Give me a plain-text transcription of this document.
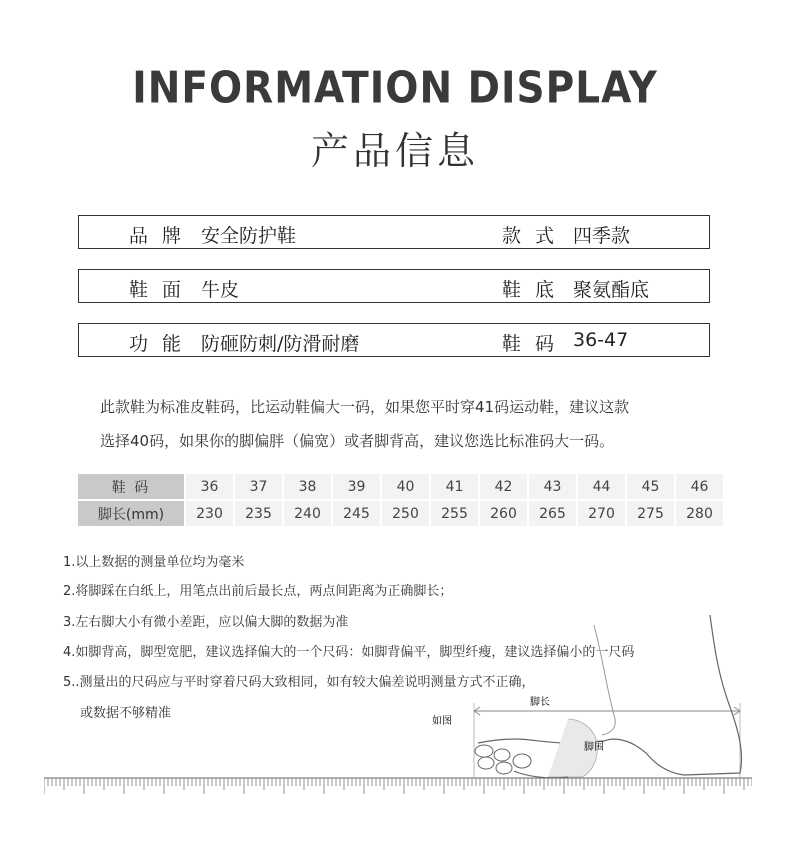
INFORMATION DISPLAY
产品信息
品牌 安全防护鞋	款式 四季款
鞋面 牛皮	鞋底 聚氨酯底
功能 防砸防刺/防滑耐磨	鞋码 36-47
此款鞋为标准皮鞋码，比运动鞋偏大一码，如果您平时穿41码运动鞋，建议这款
选择40码，如果你的脚偏胖（偏宽）或者脚背高，建议您选比标准码大一码。
鞋 码	36	37	38	39	40	41	42	43	44	45	46
脚长(mm)	230	235	240	245	250	255	260	265	270	275	280
1.以上数据的测量单位均为毫米
2.将脚踩在白纸上，用笔点出前后最长点，两点间距离为正确脚长；
3.左右脚大小有微小差距，应以偏大脚的数据为准
4.如脚背高，脚型宽肥，建议选择偏大的一个尺码：如脚背偏平，脚型纤瘦，建议选择偏小的一尺码
5..测量出的尺码应与平时穿着尺码大致相同，如有较大偏差说明测量方式不正确，
或数据不够精准
如图
脚长
脚围
